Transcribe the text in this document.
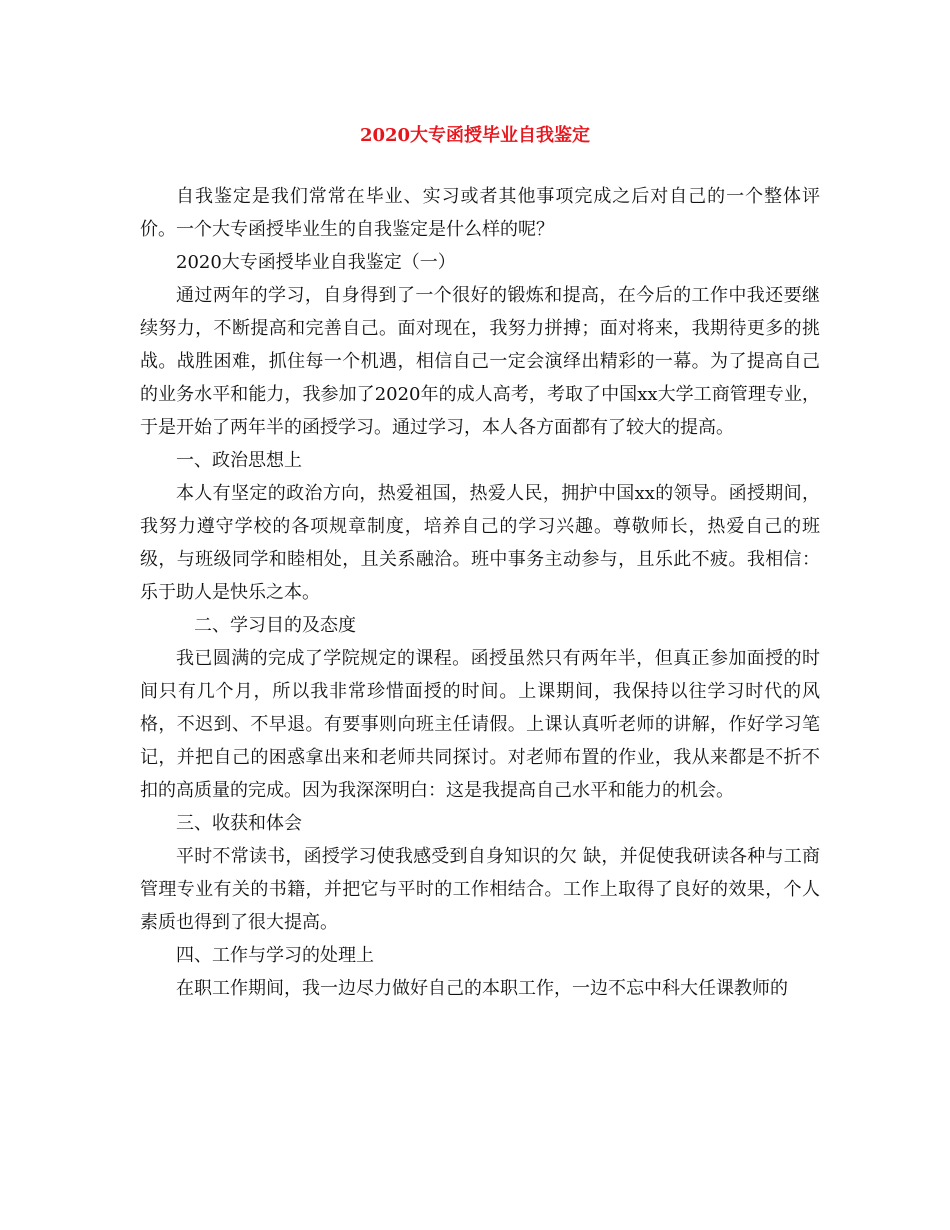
2020大专函授毕业自我鉴定

自我鉴定是我们常常在毕业、实习或者其他事项完成之后对自己的一个整体评价。一个大专函授毕业生的自我鉴定是什么样的呢？

2020大专函授毕业自我鉴定（一）

通过两年的学习，自身得到了一个很好的锻炼和提高，在今后的工作中我还要继续努力，不断提高和完善自己。面对现在，我努力拼搏；面对将来，我期待更多的挑战。战胜困难，抓住每一个机遇，相信自己一定会演绎出精彩的一幕。为了提高自己的业务水平和能力，我参加了2020年的成人高考，考取了中国xx大学工商管理专业，于是开始了两年半的函授学习。通过学习，本人各方面都有了较大的提高。

一、政治思想上

本人有坚定的政治方向，热爱祖国，热爱人民，拥护中国xx的领导。函授期间，我努力遵守学校的各项规章制度，培养自己的学习兴趣。尊敬师长，热爱自己的班级，与班级同学和睦相处，且关系融洽。班中事务主动参与，且乐此不疲。我相信：乐于助人是快乐之本。

二、学习目的及态度

我已圆满的完成了学院规定的课程。函授虽然只有两年半，但真正参加面授的时间只有几个月，所以我非常珍惜面授的时间。上课期间，我保持以往学习时代的风格，不迟到、不早退。有要事则向班主任请假。上课认真听老师的讲解，作好学习笔记，并把自己的困惑拿出来和老师共同探讨。对老师布置的作业，我从来都是不折不扣的高质量的完成。因为我深深明白：这是我提高自己水平和能力的机会。

三、收获和体会

平时不常读书，函授学习使我感受到自身知识的欠 缺，并促使我研读各种与工商管理专业有关的书籍，并把它与平时的工作相结合。工作上取得了良好的效果，个人素质也得到了很大提高。

四、工作与学习的处理上

在职工作期间，我一边尽力做好自己的本职工作，一边不忘中科大任课教师的
